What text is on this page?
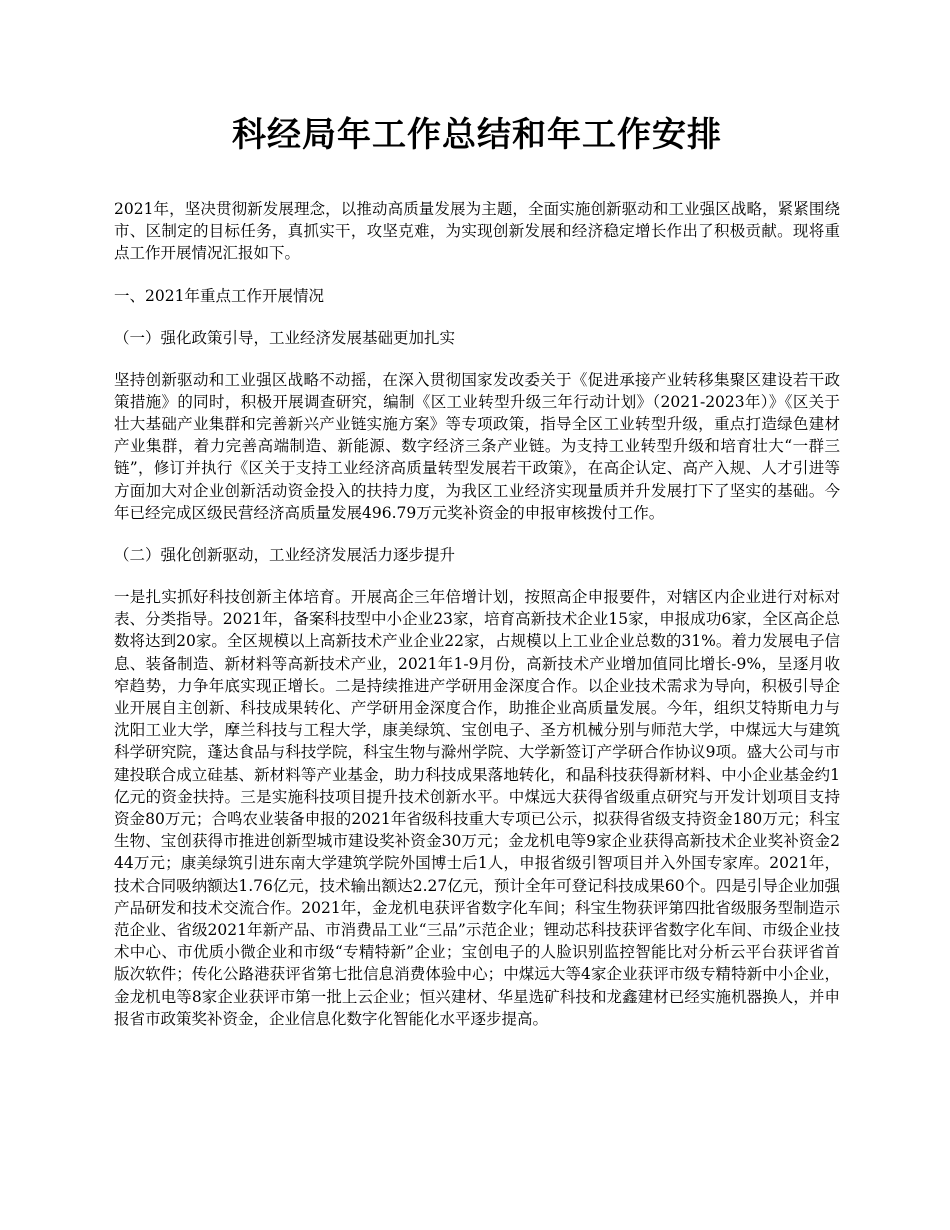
科经局年工作总结和年工作安排

2021年，坚决贯彻新发展理念，以推动高质量发展为主题，全面实施创新驱动和工业强区战略，紧紧围绕市、区制定的目标任务，真抓实干，攻坚克难，为实现创新发展和经济稳定增长作出了积极贡献。现将重点工作开展情况汇报如下。

一、2021年重点工作开展情况

（一）强化政策引导，工业经济发展基础更加扎实

坚持创新驱动和工业强区战略不动摇，在深入贯彻国家发改委关于《促进承接产业转移集聚区建设若干政策措施》的同时，积极开展调查研究，编制《区工业转型升级三年行动计划》（2021-2023年）》《区关于壮大基础产业集群和完善新兴产业链实施方案》等专项政策，指导全区工业转型升级，重点打造绿色建材产业集群，着力完善高端制造、新能源、数字经济三条产业链。为支持工业转型升级和培育壮大“一群三链”，修订并执行《区关于支持工业经济高质量转型发展若干政策》，在高企认定、高产入规、人才引进等方面加大对企业创新活动资金投入的扶持力度，为我区工业经济实现量质并升发展打下了坚实的基础。今年已经完成区级民营经济高质量发展496.79万元奖补资金的申报审核拨付工作。

（二）强化创新驱动，工业经济发展活力逐步提升

一是扎实抓好科技创新主体培育。开展高企三年倍增计划，按照高企申报要件，对辖区内企业进行对标对表、分类指导。2021年，备案科技型中小企业23家，培育高新技术企业15家，申报成功6家，全区高企总数将达到20家。全区规模以上高新技术产业企业22家，占规模以上工业企业总数的31%。着力发展电子信息、装备制造、新材料等高新技术产业，2021年1-9月份，高新技术产业增加值同比增长-9%，呈逐月收窄趋势，力争年底实现正增长。二是持续推进产学研用金深度合作。以企业技术需求为导向，积极引导企业开展自主创新、科技成果转化、产学研用金深度合作，助推企业高质量发展。今年，组织艾特斯电力与沈阳工业大学，摩兰科技与工程大学，康美绿筑、宝创电子、圣方机械分别与师范大学，中煤远大与建筑科学研究院，蓬达食品与科技学院，科宝生物与滁州学院、大学新签订产学研合作协议9项。盛大公司与市建投联合成立硅基、新材料等产业基金，助力科技成果落地转化，和晶科技获得新材料、中小企业基金约1亿元的资金扶持。三是实施科技项目提升技术创新水平。中煤远大获得省级重点研究与开发计划项目支持资金80万元；合鸣农业装备申报的2021年省级科技重大专项已公示，拟获得省级支持资金180万元；科宝生物、宝创获得市推进创新型城市建设奖补资金30万元；金龙机电等9家企业获得高新技术企业奖补资金244万元；康美绿筑引进东南大学建筑学院外国博士后1人，申报省级引智项目并入外国专家库。2021年，技术合同吸纳额达1.76亿元，技术输出额达2.27亿元，预计全年可登记科技成果60个。四是引导企业加强产品研发和技术交流合作。2021年，金龙机电获评省数字化车间；科宝生物获评第四批省级服务型制造示范企业、省级2021年新产品、市消费品工业“三品”示范企业；锂动芯科技获评省数字化车间、市级企业技术中心、市优质小微企业和市级“专精特新”企业；宝创电子的人脸识别监控智能比对分析云平台获评省首版次软件；传化公路港获评省第七批信息消费体验中心；中煤远大等4家企业获评市级专精特新中小企业，金龙机电等8家企业获评市第一批上云企业；恒兴建材、华星选矿科技和龙鑫建材已经实施机器换人，并申报省市政策奖补资金，企业信息化数字化智能化水平逐步提高。
